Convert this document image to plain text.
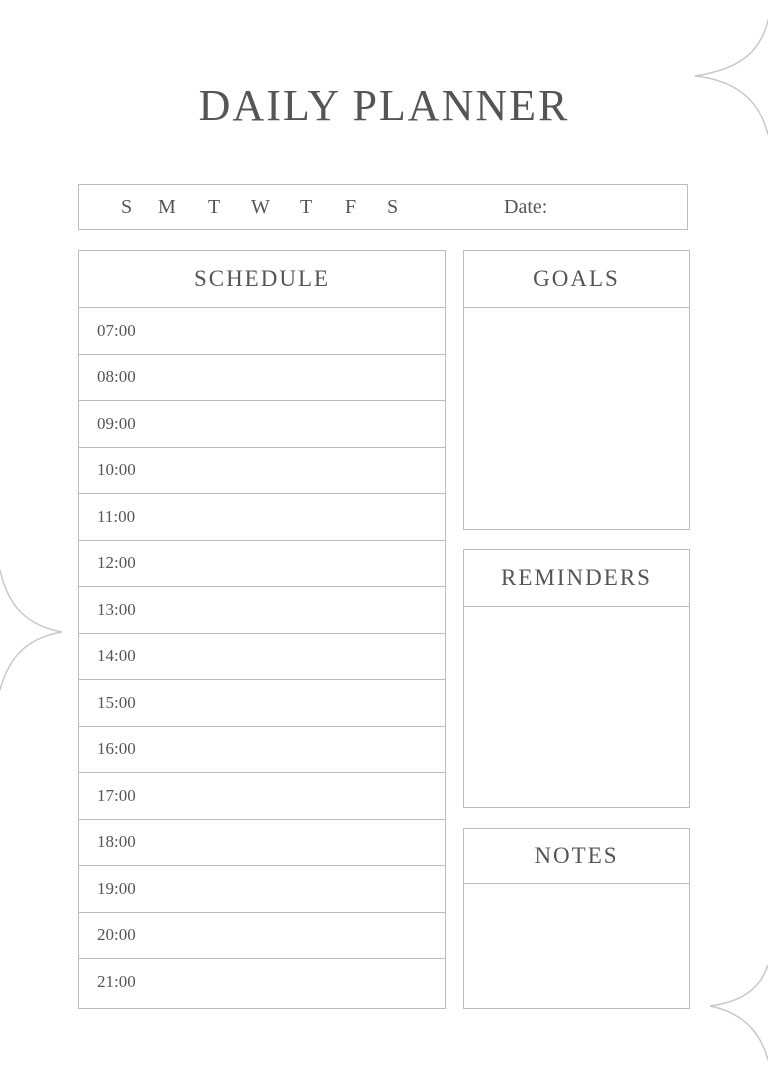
DAILY PLANNER
S M T W T F S	Date:
SCHEDULE
07:00
08:00
09:00
10:00
11:00
12:00
13:00
14:00
15:00
16:00
17:00
18:00
19:00
20:00
21:00
GOALS
REMINDERS
NOTES
